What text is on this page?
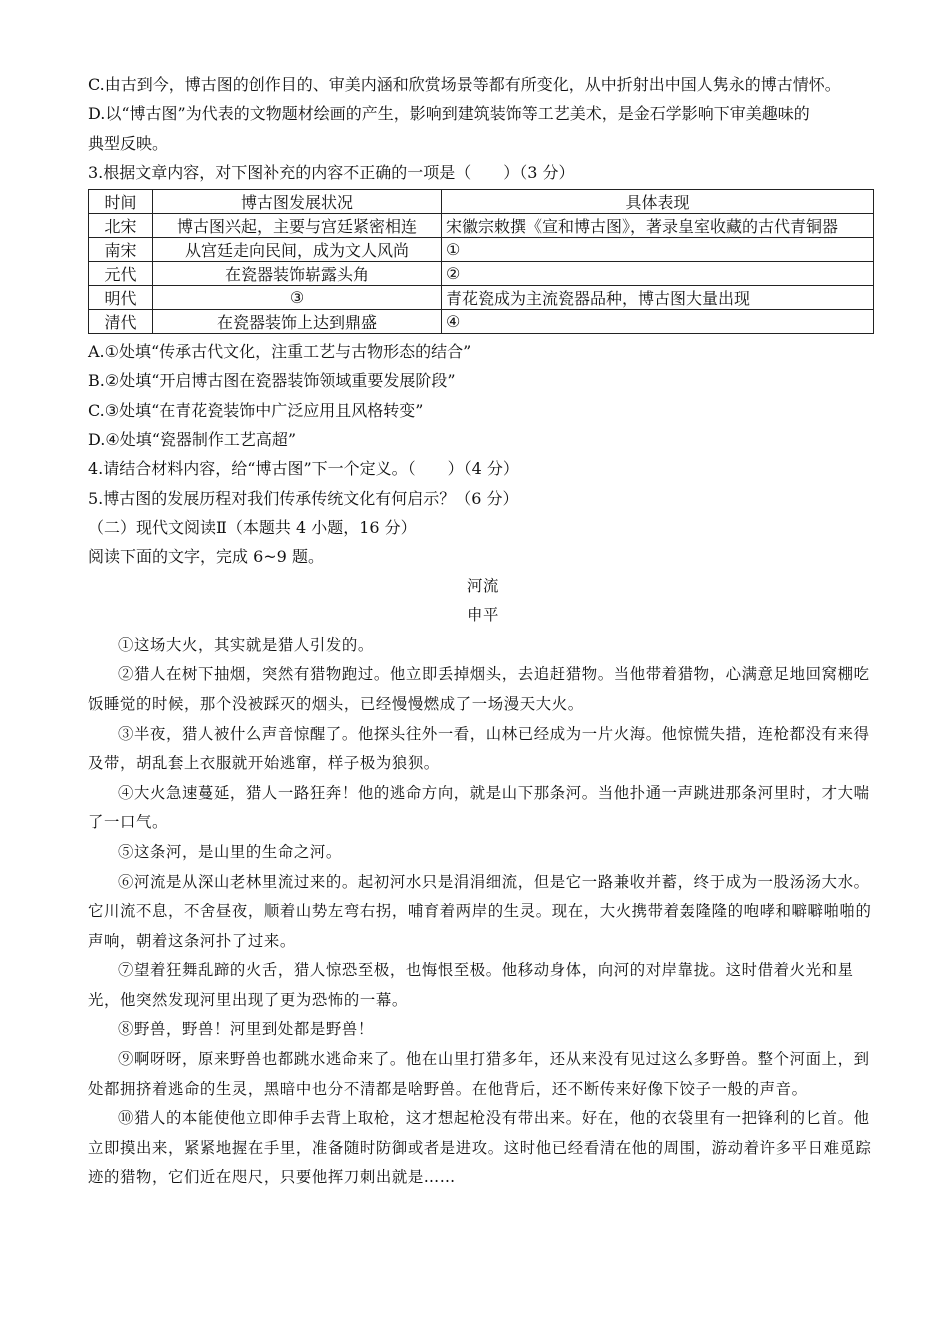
C.由古到今，博古图的创作目的、审美内涵和欣赏场景等都有所变化，从中折射出中国人隽永的博古情怀。
D.以“博古图”为代表的文物题材绘画的产生，影响到建筑装饰等工艺美术，是金石学影响下审美趣味的
典型反映。
3.根据文章内容，对下图补充的内容不正确的一项是（　　）（3 分）
时间	博古图发展状况	具体表现
北宋	博古图兴起，主要与宫廷紧密相连	宋徽宗敕撰《宣和博古图》，著录皇室收藏的古代青铜器
南宋	从宫廷走向民间，成为文人风尚	①
元代	在瓷器装饰崭露头角	②
明代	③	青花瓷成为主流瓷器品种，博古图大量出现
清代	在瓷器装饰上达到鼎盛	④
A.①处填“传承古代文化，注重工艺与古物形态的结合”
B.②处填“开启博古图在瓷器装饰领域重要发展阶段”
C.③处填“在青花瓷装饰中广泛应用且风格转变”
D.④处填“瓷器制作工艺高超”
4.请结合材料内容，给“博古图”下一个定义。（　　）（4 分）
5.博古图的发展历程对我们传承传统文化有何启示？（6 分）
（二）现代文阅读Ⅱ（本题共 4 小题，16 分）
阅读下面的文字，完成 6~9 题。
河流
申平

①这场大火，其实就是猎人引发的。

②猎人在树下抽烟，突然有猎物跑过。他立即丢掉烟头，去追赶猎物。当他带着猎物，心满意足地回窝棚吃饭睡觉的时候，那个没被踩灭的烟头，已经慢慢燃成了一场漫天大火。

③半夜，猎人被什么声音惊醒了。他探头往外一看，山林已经成为一片火海。他惊慌失措，连枪都没有来得及带，胡乱套上衣服就开始逃窜，样子极为狼狈。

④大火急速蔓延，猎人一路狂奔！他的逃命方向，就是山下那条河。当他扑通一声跳进那条河里时，才大喘了一口气。

⑤这条河，是山里的生命之河。

⑥河流是从深山老林里流过来的。起初河水只是涓涓细流，但是它一路兼收并蓄，终于成为一股汤汤大水。它川流不息，不舍昼夜，顺着山势左弯右拐，哺育着两岸的生灵。现在，大火携带着轰隆隆的咆哮和噼噼啪啪的声响，朝着这条河扑了过来。

⑦望着狂舞乱蹄的火舌，猎人惊恐至极，也悔恨至极。他移动身体，向河的对岸靠拢。这时借着火光和星光，他突然发现河里出现了更为恐怖的一幕。

⑧野兽，野兽！河里到处都是野兽！

⑨啊呀呀，原来野兽也都跳水逃命来了。他在山里打猎多年，还从来没有见过这么多野兽。整个河面上，到处都拥挤着逃命的生灵，黑暗中也分不清都是啥野兽。在他背后，还不断传来好像下饺子一般的声音。

⑩猎人的本能使他立即伸手去背上取枪，这才想起枪没有带出来。好在，他的衣袋里有一把锋利的匕首。他立即摸出来，紧紧地握在手里，准备随时防御或者是进攻。这时他已经看清在他的周围，游动着许多平日难觅踪迹的猎物，它们近在咫尺，只要他挥刀刺出就是……
